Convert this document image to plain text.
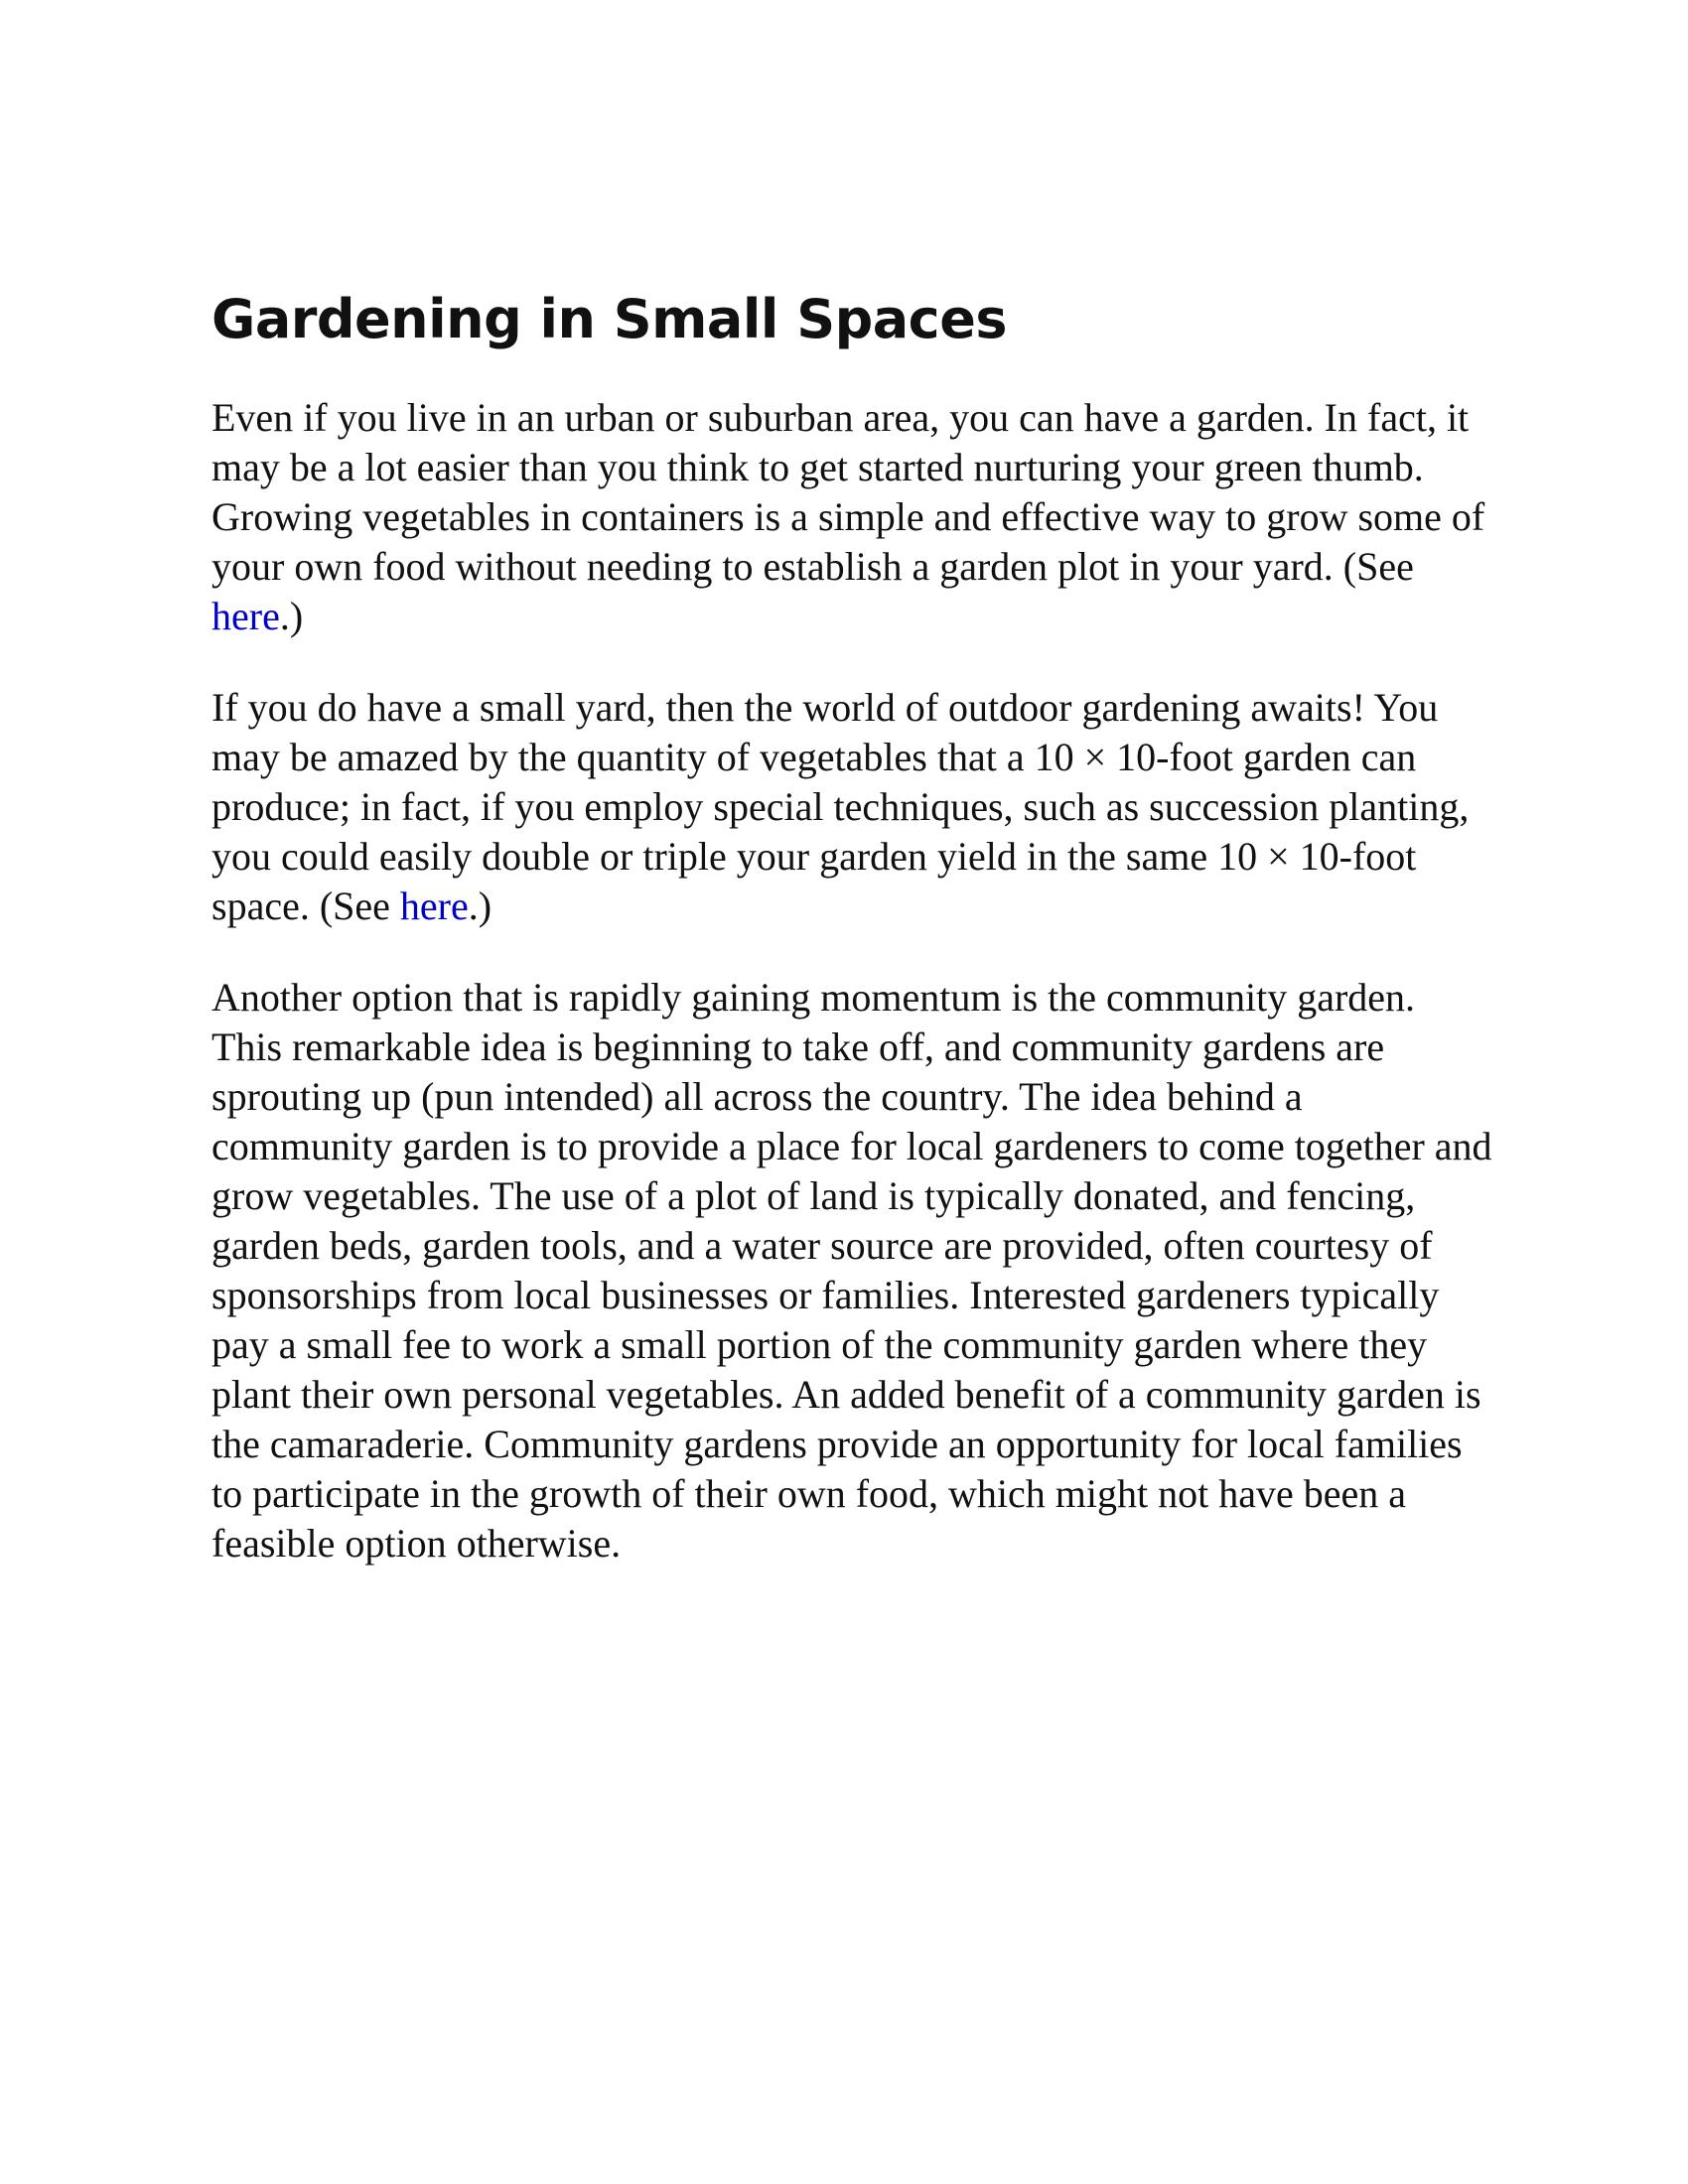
Gardening in Small Spaces

Even if you live in an urban or suburban area, you can have a garden. In fact, it may be a lot easier than you think to get started nurturing your green thumb. Growing vegetables in containers is a simple and effective way to grow some of your own food without needing to establish a garden plot in your yard. (See here.)

If you do have a small yard, then the world of outdoor gardening awaits! You may be amazed by the quantity of vegetables that a 10 × 10-foot garden can produce; in fact, if you employ special techniques, such as succession planting, you could easily double or triple your garden yield in the same 10 × 10-foot space. (See here.)

Another option that is rapidly gaining momentum is the community garden. This remarkable idea is beginning to take off, and community gardens are sprouting up (pun intended) all across the country. The idea behind a community garden is to provide a place for local gardeners to come together and grow vegetables. The use of a plot of land is typically donated, and fencing, garden beds, garden tools, and a water source are provided, often courtesy of sponsorships from local businesses or families. Interested gardeners typically pay a small fee to work a small portion of the community garden where they plant their own personal vegetables. An added benefit of a community garden is the camaraderie. Community gardens provide an opportunity for local families to participate in the growth of their own food, which might not have been a feasible option otherwise.
